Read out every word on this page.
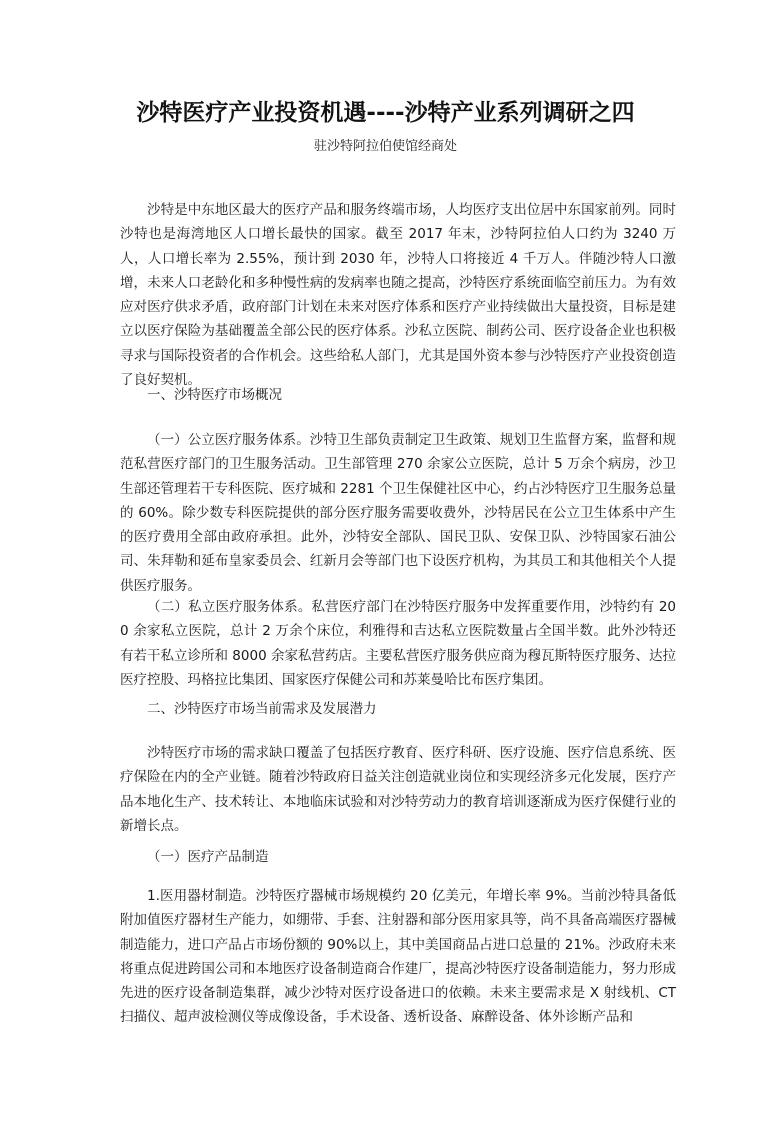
沙特医疗产业投资机遇----沙特产业系列调研之四
驻沙特阿拉伯使馆经商处

沙特是中东地区最大的医疗产品和服务终端市场，人均医疗支出位居中东国家前列。同时沙特也是海湾地区人口增长最快的国家。截至 2017 年末，沙特阿拉伯人口约为 3240 万人，人口增长率为 2.55%，预计到 2030 年，沙特人口将接近 4 千万人。伴随沙特人口激增，未来人口老龄化和多种慢性病的发病率也随之提高，沙特医疗系统面临空前压力。为有效应对医疗供求矛盾，政府部门计划在未来对医疗体系和医疗产业持续做出大量投资，目标是建立以医疗保险为基础覆盖全部公民的医疗体系。沙私立医院、制药公司、医疗设备企业也积极寻求与国际投资者的合作机会。这些给私人部门，尤其是国外资本参与沙特医疗产业投资创造了良好契机。

一、沙特医疗市场概况

（一）公立医疗服务体系。沙特卫生部负责制定卫生政策、规划卫生监督方案，监督和规范私营医疗部门的卫生服务活动。卫生部管理 270 余家公立医院，总计 5 万余个病房，沙卫生部还管理若干专科医院、医疗城和 2281 个卫生保健社区中心，约占沙特医疗卫生服务总量的 60%。除少数专科医院提供的部分医疗服务需要收费外，沙特居民在公立卫生体系中产生的医疗费用全部由政府承担。此外，沙特安全部队、国民卫队、安保卫队、沙特国家石油公司、朱拜勒和延布皇家委员会、红新月会等部门也下设医疗机构，为其员工和其他相关个人提供医疗服务。

（二）私立医疗服务体系。私营医疗部门在沙特医疗服务中发挥重要作用，沙特约有 200 余家私立医院，总计 2 万余个床位，利雅得和吉达私立医院数量占全国半数。此外沙特还有若干私立诊所和 8000 余家私营药店。主要私营医疗服务供应商为穆瓦斯特医疗服务、达拉医疗控股、玛格拉比集团、国家医疗保健公司和苏莱曼哈比布医疗集团。

二、沙特医疗市场当前需求及发展潜力

沙特医疗市场的需求缺口覆盖了包括医疗教育、医疗科研、医疗设施、医疗信息系统、医疗保险在内的全产业链。随着沙特政府日益关注创造就业岗位和实现经济多元化发展，医疗产品本地化生产、技术转让、本地临床试验和对沙特劳动力的教育培训逐渐成为医疗保健行业的新增长点。

（一）医疗产品制造

1.医用器材制造。沙特医疗器械市场规模约 20 亿美元，年增长率 9%。当前沙特具备低附加值医疗器材生产能力，如绷带、手套、注射器和部分医用家具等，尚不具备高端医疗器械制造能力，进口产品占市场份额的 90%以上，其中美国商品占进口总量的 21%。沙政府未来将重点促进跨国公司和本地医疗设备制造商合作建厂，提高沙特医疗设备制造能力，努力形成先进的医疗设备制造集群，减少沙特对医疗设备进口的依赖。未来主要需求是 X 射线机、CT 扫描仪、超声波检测仪等成像设备，手术设备、透析设备、麻醉设备、体外诊断产品和
